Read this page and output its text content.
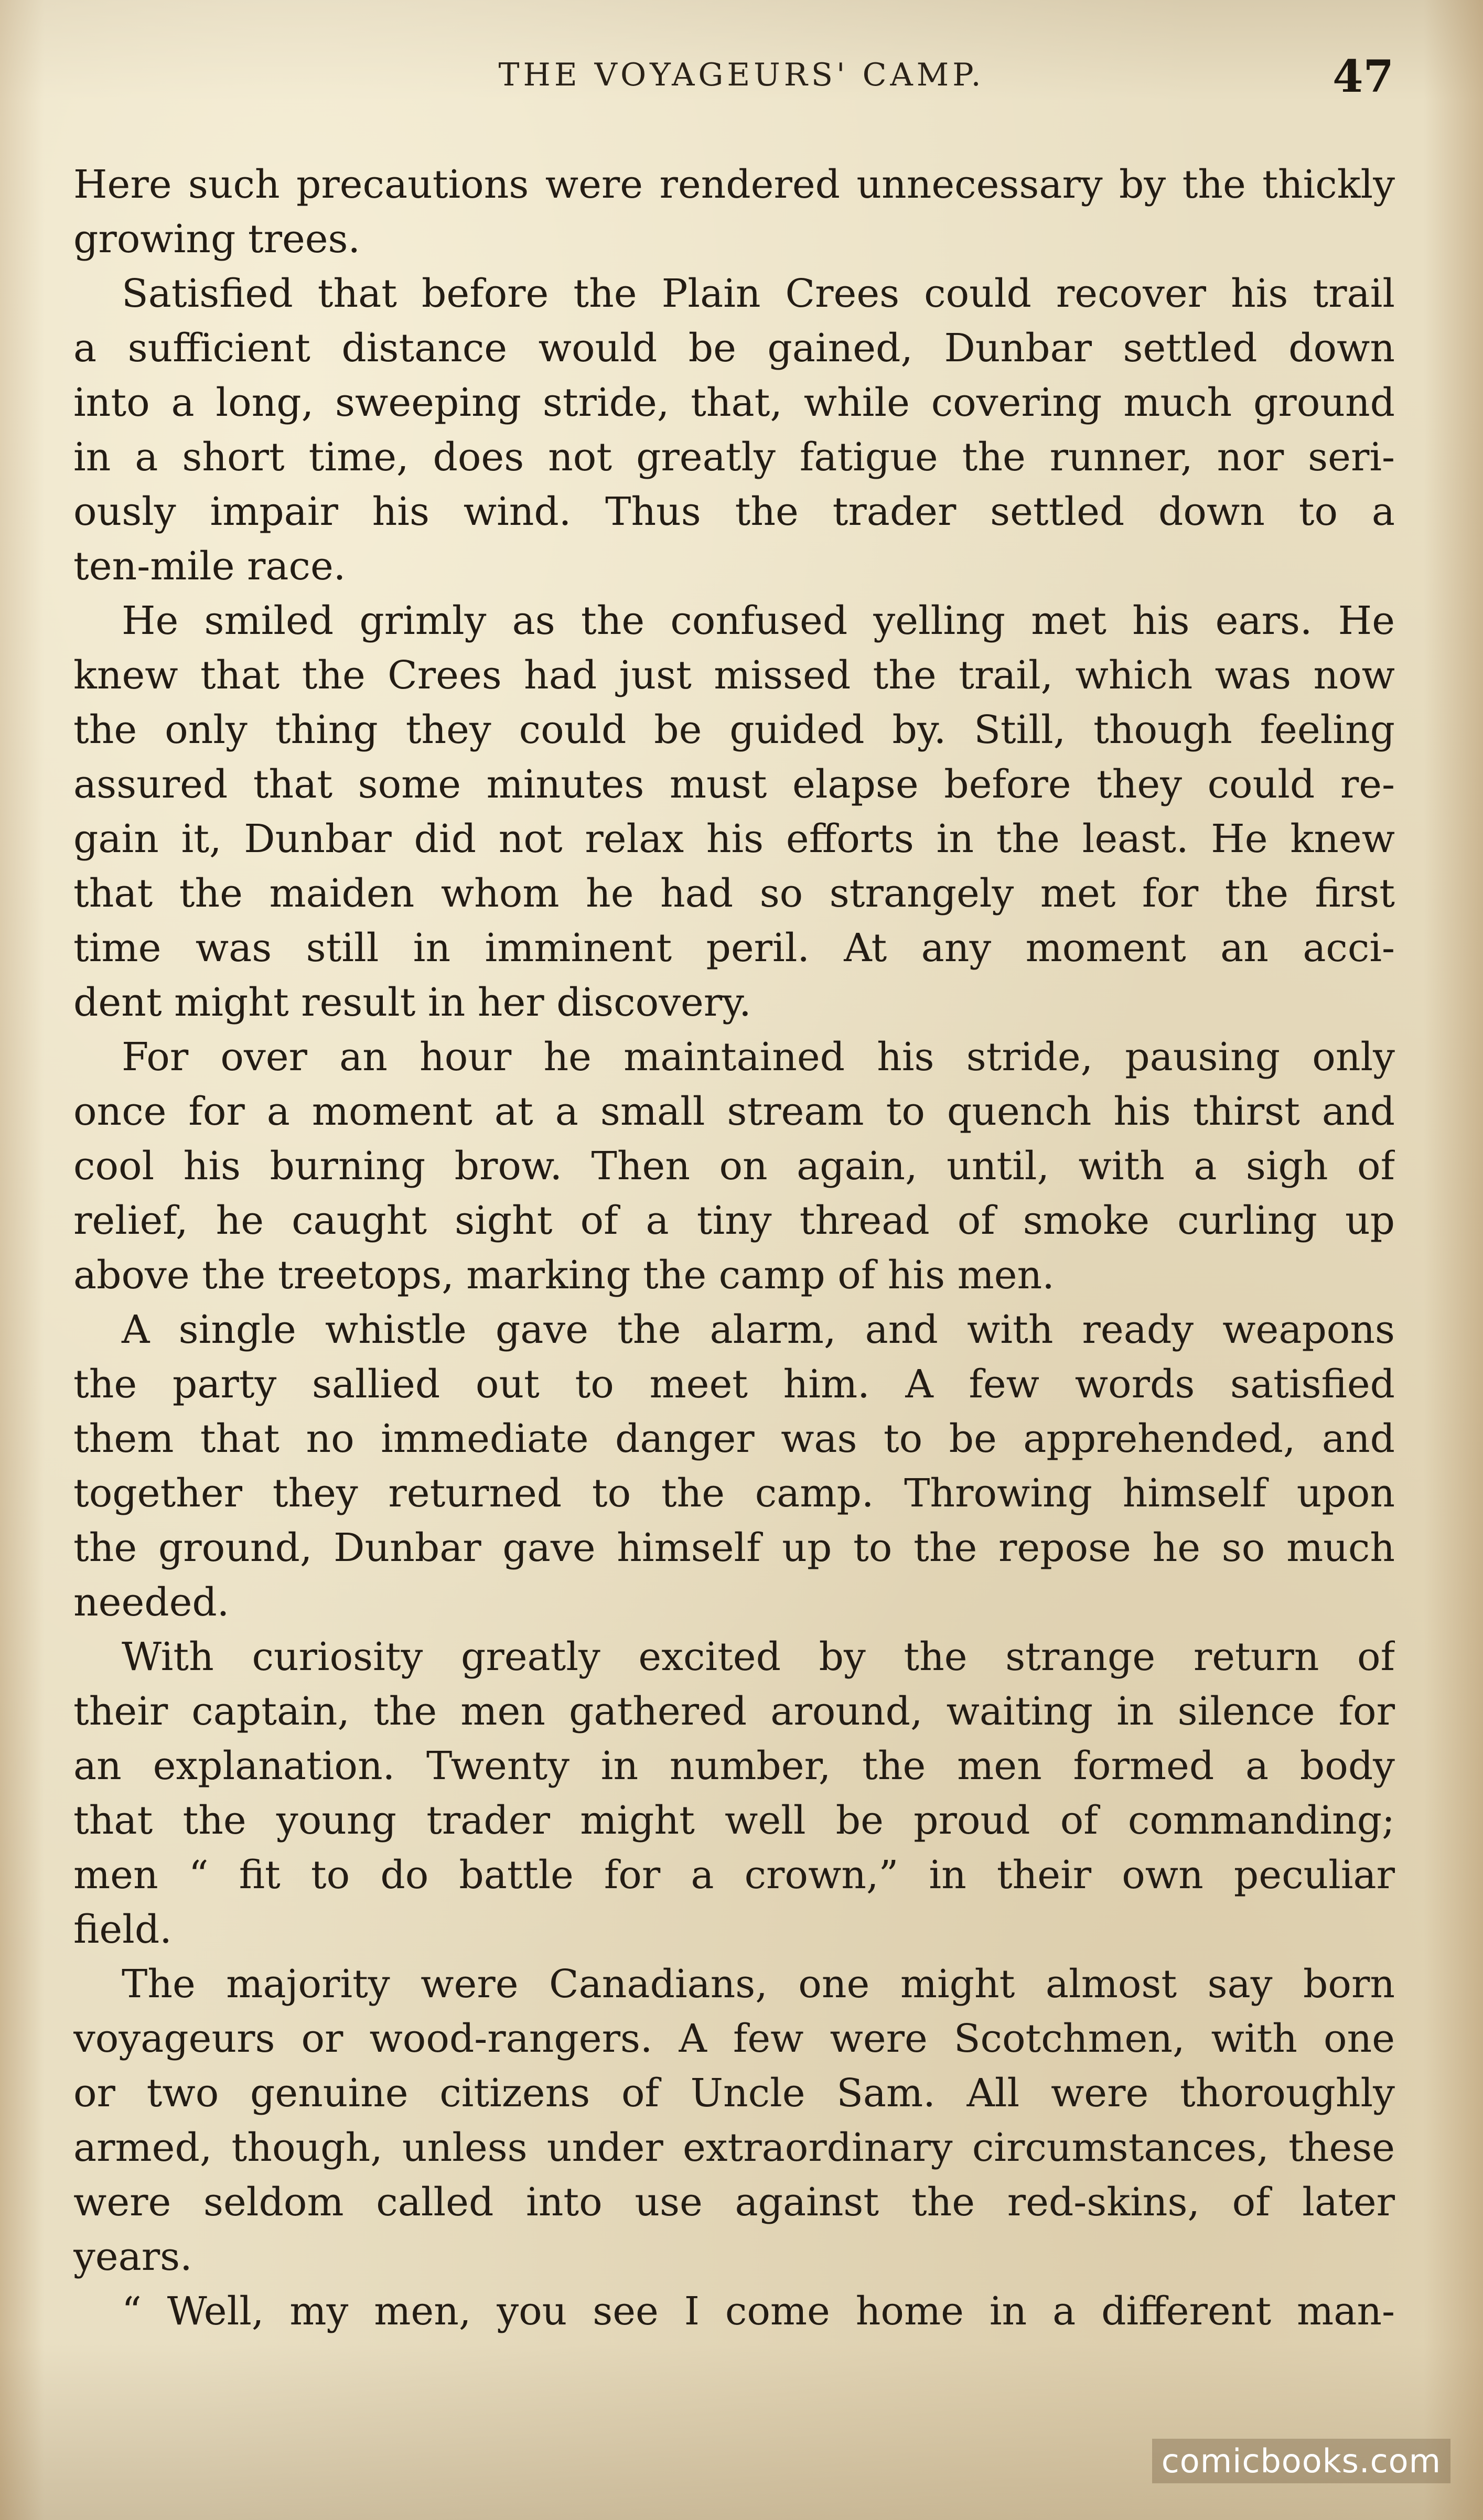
THE VOYAGEURS' CAMP.	47
Here such precautions were rendered unnecessary by the thickly
growing trees.
Satisfied that before the Plain Crees could recover his trail
a sufficient distance would be gained, Dunbar settled down
into a long, sweeping stride, that, while covering much ground
in a short time, does not greatly fatigue the runner, nor seri-
ously impair his wind. Thus the trader settled down to a
ten-mile race.
He smiled grimly as the confused yelling met his ears. He
knew that the Crees had just missed the trail, which was now
the only thing they could be guided by. Still, though feeling
assured that some minutes must elapse before they could re-
gain it, Dunbar did not relax his efforts in the least. He knew
that the maiden whom he had so strangely met for the first
time was still in imminent peril. At any moment an acci-
dent might result in her discovery.
For over an hour he maintained his stride, pausing only
once for a moment at a small stream to quench his thirst and
cool his burning brow. Then on again, until, with a sigh of
relief, he caught sight of a tiny thread of smoke curling up
above the treetops, marking the camp of his men.
A single whistle gave the alarm, and with ready weapons
the party sallied out to meet him. A few words satisfied
them that no immediate danger was to be apprehended, and
together they returned to the camp. Throwing himself upon
the ground, Dunbar gave himself up to the repose he so much
needed.
With curiosity greatly excited by the strange return of
their captain, the men gathered around, waiting in silence for
an explanation. Twenty in number, the men formed a body
that the young trader might well be proud of commanding;
men “ fit to do battle for a crown,” in their own peculiar
field.
The majority were Canadians, one might almost say born
voyageurs or wood-rangers. A few were Scotchmen, with one
or two genuine citizens of Uncle Sam. All were thoroughly
armed, though, unless under extraordinary circumstances, these
were seldom called into use against the red-skins, of later
years.
“ Well, my men, you see I come home in a different man-
comicbooks.com
